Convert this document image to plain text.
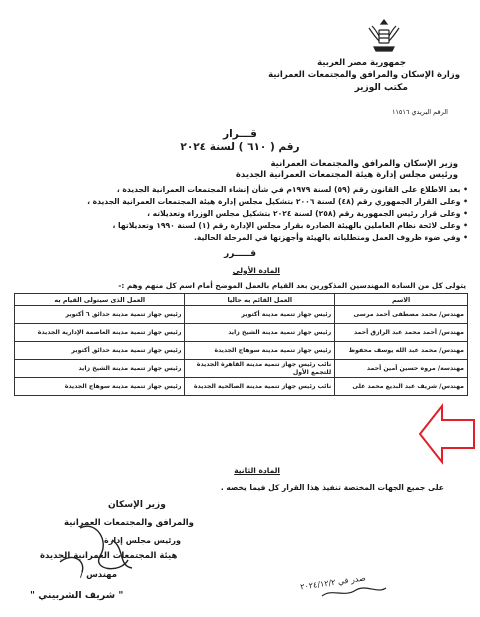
جمهورية مصر العربية
وزارة الإسكان والمرافق والمجتمعات العمرانية
مكتب الوزير
الرقم البريدي ١١٥١٦
قـــرار
رقم ( ٦١٠ ) لسنة ٢٠٢٤
وزير الإسكان والمرافق والمجتمعات العمرانية
ورئيس مجلس إدارة هيئة المجتمعات العمرانية الجديدة
• بعد الاطلاع على القانون رقم (٥٩) لسنة ١٩٧٩م في شأن إنشاء المجتمعات العمرانية الجديدة ،
• وعلى القرار الجمهوري رقم (٤٨) لسنة ٢٠٠٦ بتشكيل مجلس إدارة هيئة المجتمعات العمرانية الجديدة ،
• وعلى قرار رئيس الجمهورية رقم (٢٥٨) لسنة ٢٠٢٤ بتشكيل مجلس الوزراء وتعديلاته ،
• وعلى لائحة نظام العاملين بالهيئة الصادرة بقرار مجلس الإدارة رقم (١) لسنة ١٩٩٠ وتعديلاتها ،
• وفي ضوء ظروف العمل ومتطلباته بالهيئة وأجهزتها في المرحلة الحالية.
قـــــرر
المادة الأولى
يتولى كل من السادة المهندسين المذكورين بعد القيام بالعمل الموضح أمام اسم كل منهم وهم :-
الاسم	العمل القائم به حاليا	العمل الذى سيتولى القيام به
مهندس/ محمد مصطفى أحمد مرسى	رئيس جهاز تنمية مدينة أكتوبر	رئيس جهاز تنمية مدينة حدائق ٦ أكتوبر
مهندس/ أحمد محمد عبد الرازق أحمد	رئيس جهاز تنمية مدينة الشيخ زايد	رئيس جهاز تنمية مدينة العاصمة الإدارية الجديدة
مهندس/ محمد عبد الله يوسف محفوظ	رئيس جهاز تنمية مدينة سوهاج الجديدة	رئيس جهاز تنمية مدينة حدائق أكتوبر
مهندسة/ مروه حسين أمين أحمد	نائب رئيس جهاز تنمية مدينة القاهرة الجديدة للتجمع الأول	رئيس جهاز تنمية مدينة الشيخ زايد
مهندس/ شريف عبد البديع محمد على	نائب رئيس جهاز تنمية مدينة الصالحية الجديدة	رئيس جهاز تنمية مدينة سوهاج الجديدة
المادة الثانية
على جميع الجهات المختصة تنفيذ هذا القرار كل فيما يخصه .
وزير الإسكان
والمرافق والمجتمعات العمرانية
ورئيس مجلس إدارة
هيئة المجتمعات العمرانية الجديدة
مهندس /
" شريف الشربيني "
صدر في ٢٠٢٤/١٢/٢
